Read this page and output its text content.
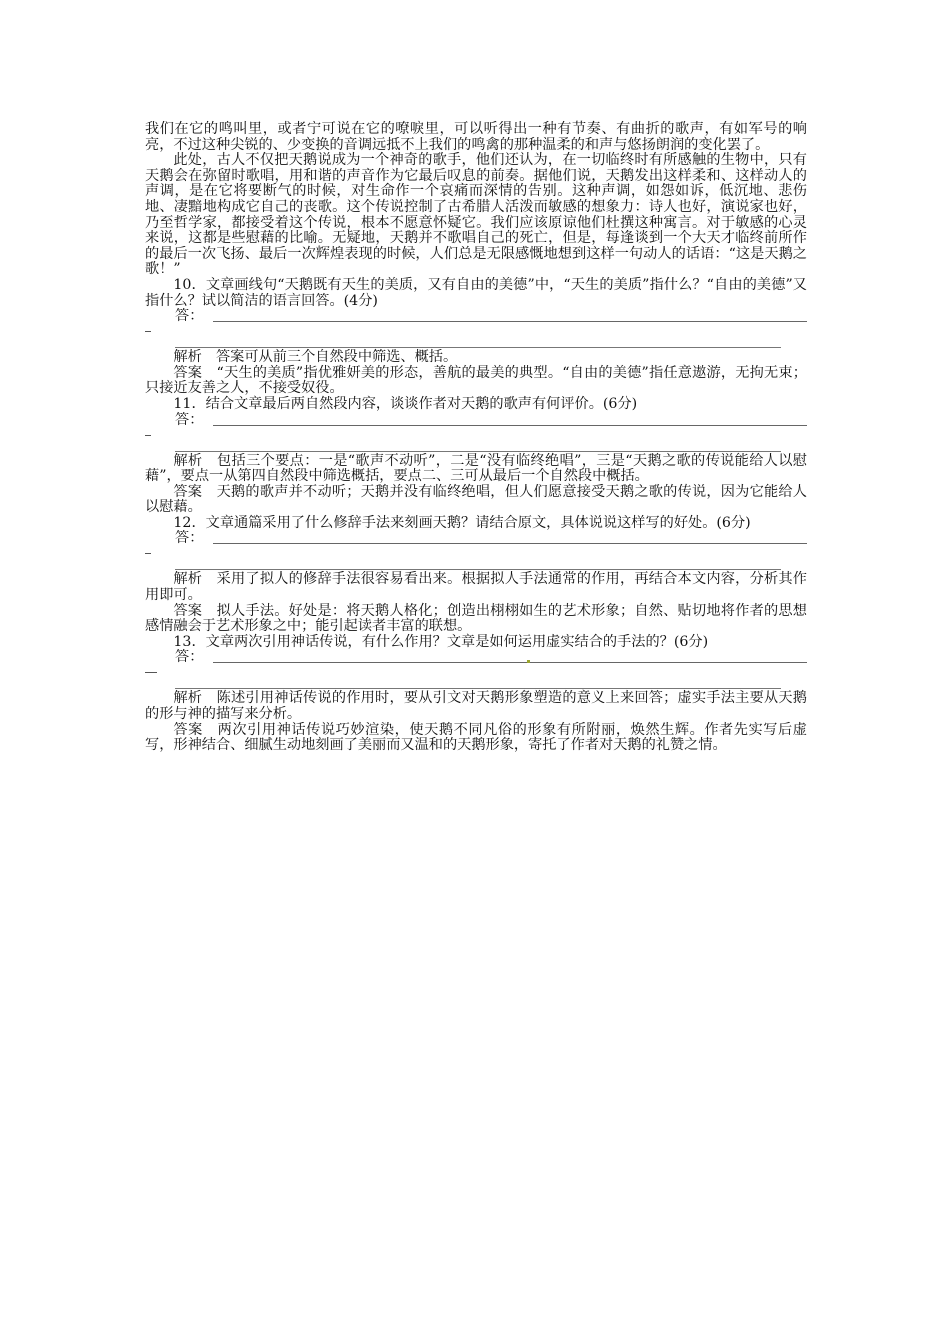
我们在它的鸣叫里，或者宁可说在它的嘹唳里，可以听得出一种有节奏、有曲折的歌声，有如军号的响亮，不过这种尖锐的、少变换的音调远抵不上我们的鸣禽的那种温柔的和声与悠扬朗润的变化罢了。

此处，古人不仅把天鹅说成为一个神奇的歌手，他们还认为，在一切临终时有所感触的生物中，只有天鹅会在弥留时歌唱，用和谐的声音作为它最后叹息的前奏。据他们说，天鹅发出这样柔和、这样动人的声调，是在它将要断气的时候，对生命作一个哀痛而深情的告别。这种声调，如怨如诉，低沉地、悲伤地、凄黯地构成它自己的丧歌。这个传说控制了古希腊人活泼而敏感的想象力：诗人也好，演说家也好，乃至哲学家，都接受着这个传说，根本不愿意怀疑它。我们应该原谅他们杜撰这种寓言。对于敏感的心灵来说，这都是些慰藉的比喻。无疑地，天鹅并不歌唱自己的死亡，但是，每逢谈到一个大天才临终前所作的最后一次飞扬、最后一次辉煌表现的时候，人们总是无限感慨地想到这样一句动人的话语：“这是天鹅之歌！”

10．文章画线句“天鹅既有天生的美质，又有自由的美德”中，“天生的美质”指什么？“自由的美德”又指什么？试以简洁的语言回答。(4分)

答：

解析　答案可从前三个自然段中筛选、概括。

答案　“天生的美质”指优雅妍美的形态，善航的最美的典型。“自由的美德”指任意遨游，无拘无束；只接近友善之人，不接受奴役。

11．结合文章最后两自然段内容，谈谈作者对天鹅的歌声有何评价。(6分)

答：

解析　包括三个要点：一是“歌声不动听”，二是“没有临终绝唱”，三是“天鹅之歌的传说能给人以慰藉”，要点一从第四自然段中筛选概括，要点二、三可从最后一个自然段中概括。

答案　天鹅的歌声并不动听；天鹅并没有临终绝唱，但人们愿意接受天鹅之歌的传说，因为它能给人以慰藉。

12．文章通篇采用了什么修辞手法来刻画天鹅？请结合原文，具体说说这样写的好处。(6分)

答：

解析　采用了拟人的修辞手法很容易看出来。根据拟人手法通常的作用，再结合本文内容，分析其作用即可。

答案　拟人手法。好处是：将天鹅人格化；创造出栩栩如生的艺术形象；自然、贴切地将作者的思想感情融会于艺术形象之中；能引起读者丰富的联想。

13．文章两次引用神话传说，有什么作用？文章是如何运用虚实结合的手法的？(6分)

答：

解析　陈述引用神话传说的作用时，要从引文对天鹅形象塑造的意义上来回答；虚实手法主要从天鹅的形与神的描写来分析。

答案　两次引用神话传说巧妙渲染，使天鹅不同凡俗的形象有所附丽，焕然生辉。作者先实写后虚写，形神结合、细腻生动地刻画了美丽而又温和的天鹅形象，寄托了作者对天鹅的礼赞之情。
